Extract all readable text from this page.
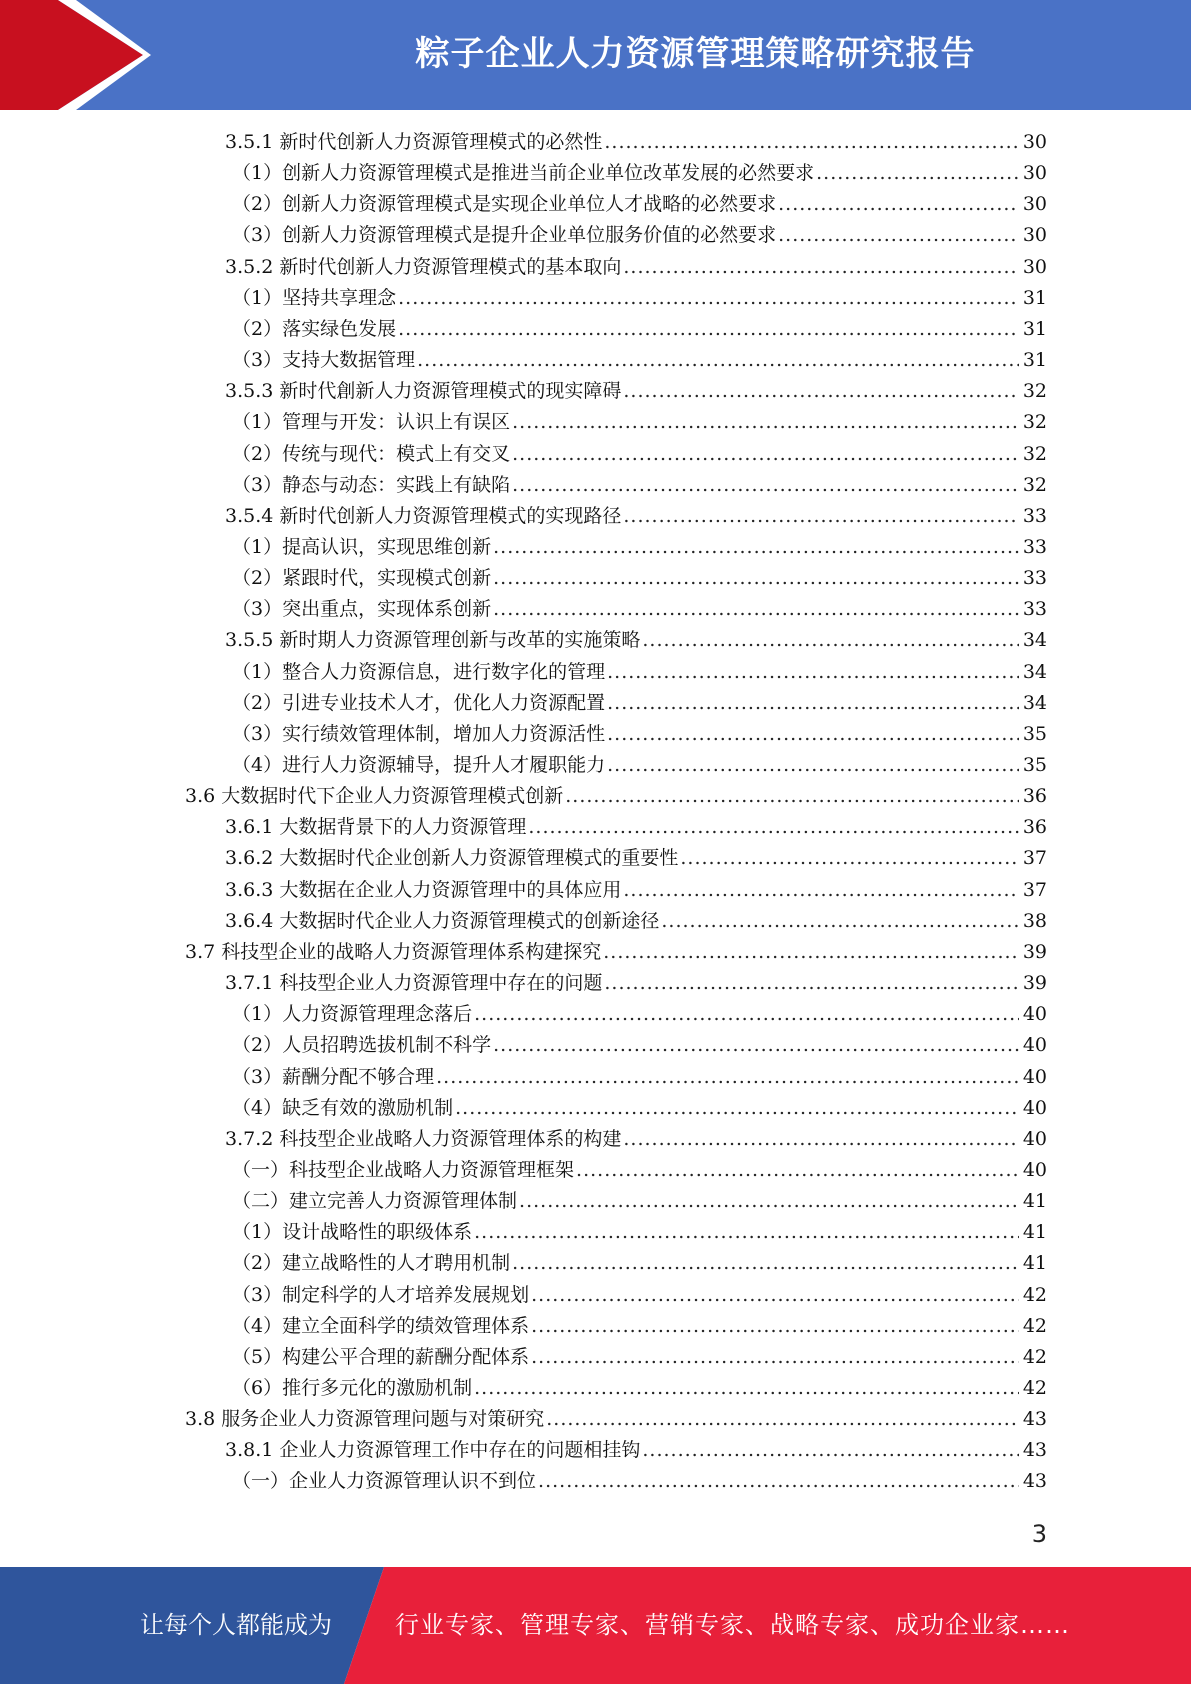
粽子企业人力资源管理策略研究报告
3.5.1 新时代创新人力资源管理模式的必然性 .....	30
（1） 创新人力资源管理模式是推进当前企业单位改革发展的必然要求 .....	30
（2） 创新人力资源管理模式是实现企业单位人才战略的必然要求 .....	30
（3） 创新人力资源管理模式是提升企业单位服务价值的必然要求 .....	30
3.5.2 新时代创新人力资源管理模式的基本取向 .....	30
（1） 坚持共享理念 .....	31
（2） 落实绿色发展 .....	31
（3） 支持大数据管理 .....	31
3.5.3 新时代創新人力资源管理模式的现实障碍 .....	32
（1） 管理与开发：认识上有误区 .....	32
（2） 传统与现代：模式上有交叉 .....	32
（3） 静态与动态：实践上有缺陷 .....	32
3.5.4 新时代创新人力资源管理模式的实现路径 .....	33
（1） 提高认识，实现思维创新 .....	33
（2） 紧跟时代，实现模式创新 .....	33
（3） 突出重点，实现体系创新 .....	33
3.5.5 新时期人力资源管理创新与改革的实施策略 .....	34
（1） 整合人力资源信息，进行数字化的管理 .....	34
（2） 引进专业技术人才，优化人力资源配置 .....	34
（3） 实行绩效管理体制，增加人力资源活性 .....	35
（4） 进行人力资源辅导，提升人才履职能力 .....	35
3.6 大数据时代下企业人力资源管理模式创新 .....	36
3.6.1 大数据背景下的人力资源管理 .....	36
3.6.2 大数据时代企业创新人力资源管理模式的重要性 .....	37
3.6.3 大数据在企业人力资源管理中的具体应用 .....	37
3.6.4 大数据时代企业人力资源管理模式的创新途径 .....	38
3.7 科技型企业的战略人力资源管理体系构建探究 .....	39
3.7.1 科技型企业人力资源管理中存在的问题 .....	39
（1） 人力资源管理理念落后 .....	40
（2） 人员招聘选拔机制不科学 .....	40
（3） 薪酬分配不够合理 .....	40
（4） 缺乏有效的激励机制 .....	40
3.7.2 科技型企业战略人力资源管理体系的构建 .....	40
（一） 科技型企业战略人力资源管理框架 .....	40
（二） 建立完善人力资源管理体制 .....	41
（1） 设计战略性的职级体系 .....	41
（2） 建立战略性的人才聘用机制 .....	41
（3） 制定科学的人才培养发展规划 .....	42
（4） 建立全面科学的绩效管理体系 .....	42
（5） 构建公平合理的薪酬分配体系 .....	42
（6） 推行多元化的激励机制 .....	42
3.8 服务企业人力资源管理问题与对策研究 .....	43
3.8.1 企业人力资源管理工作中存在的问题相挂钩 .....	43
（一） 企业人力资源管理认识不到位 .....	43
3
让每个人都能成为	行业专家、管理专家、营销专家、战略专家、成功企业家……
